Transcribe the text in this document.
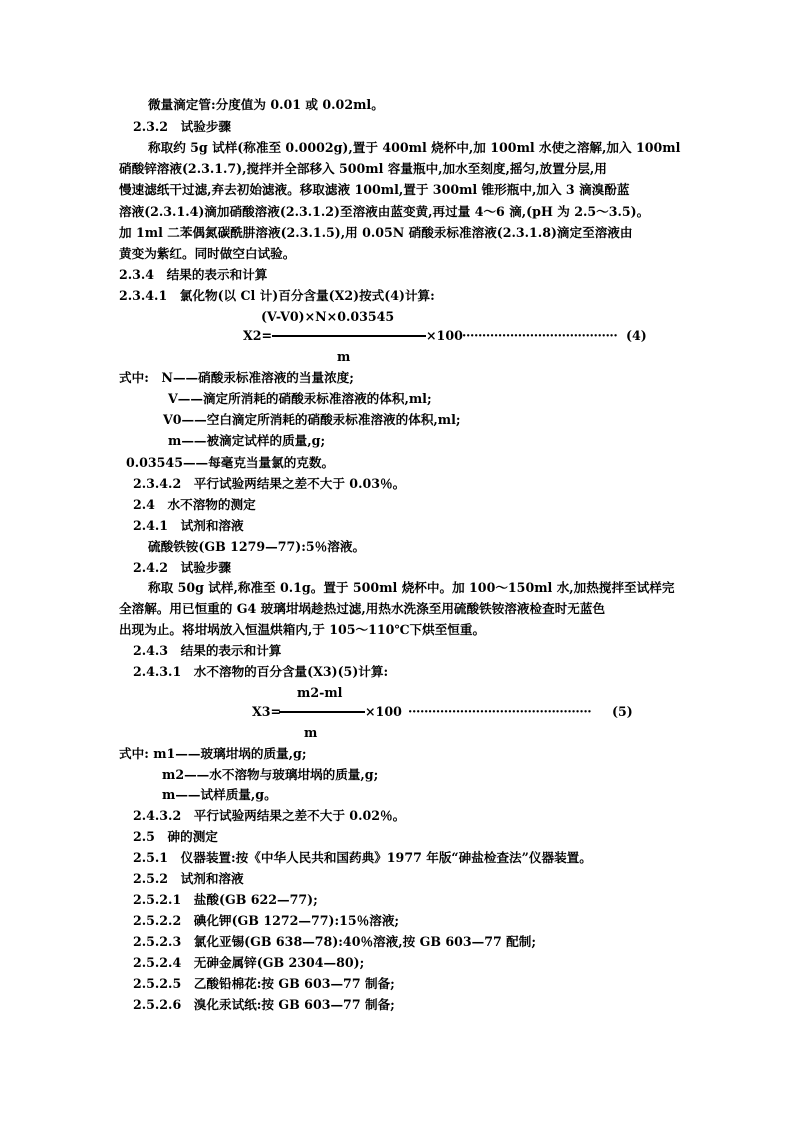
微量滴定管:分度值为 0.01 或 0.02ml。
2.3.2　试验步骤
称取约 5g 试样(称准至 0.0002g),置于 400ml 烧杯中,加 100ml 水使之溶解,加入 100ml
硝酸锌溶液(2.3.1.7),搅拌并全部移入 500ml 容量瓶中,加水至刻度,摇匀,放置分层,用
慢速滤纸干过滤,弃去初始滤液。移取滤液 100ml,置于 300ml 锥形瓶中,加入 3 滴溴酚蓝
溶液(2.3.1.4)滴加硝酸溶液(2.3.1.2)至溶液由蓝变黄,再过量 4～6 滴,(pH 为 2.5～3.5)。
加 1ml 二苯偶氮碳酰肼溶液(2.3.1.5),用 0.05N 硝酸汞标准溶液(2.3.1.8)滴定至溶液由
黄变为紫红。同时做空白试验。
2.3.4　结果的表示和计算
2.3.4.1　氯化物(以 Cl 计)百分含量(X2)按式(4)计算:
(V-V0)×N×0.03545
X2=	×100 ······································· (4)
m
式中:　N——硝酸汞标准溶液的当量浓度;
V——滴定所消耗的硝酸汞标准溶液的体积,ml;
V0——空白滴定所消耗的硝酸汞标准溶液的体积,ml;
m——被滴定试样的质量,g;
0.03545——每毫克当量氯的克数。
2.3.4.2　平行试验两结果之差不大于 0.03％。
2.4　水不溶物的测定
2.4.1　试剂和溶液
硫酸铁铵(GB 1279—77):5％溶液。
2.4.2　试验步骤
称取 50g 试样,称准至 0.1g。置于 500ml 烧杯中。加 100～150ml 水,加热搅拌至试样完
全溶解。用已恒重的 G4 玻璃坩埚趁热过滤,用热水洗涤至用硫酸铁铵溶液检查时无蓝色
出现为止。将坩埚放入恒温烘箱内,于 105～110℃下烘至恒重。
2.4.3　结果的表示和计算
2.4.3.1　水不溶物的百分含量(X3)(5)计算:
m2-ml
X3=	×100 ·············································· (5)
m
式中: m1——玻璃坩埚的质量,g;
m2——水不溶物与玻璃坩埚的质量,g;
m——试样质量,g。
2.4.3.2　平行试验两结果之差不大于 0.02％。
2.5　砷的测定
2.5.1　仪器装置:按《中华人民共和国药典》1977 年版“砷盐检查法”仪器装置。
2.5.2　试剂和溶液
2.5.2.1　盐酸(GB 622—77);
2.5.2.2　碘化钾(GB 1272—77):15％溶液;
2.5.2.3　氯化亚锡(GB 638—78):40％溶液,按 GB 603—77 配制;
2.5.2.4　无砷金属锌(GB 2304—80);
2.5.2.5　乙酸铅棉花:按 GB 603—77 制备;
2.5.2.6　溴化汞试纸:按 GB 603—77 制备;
